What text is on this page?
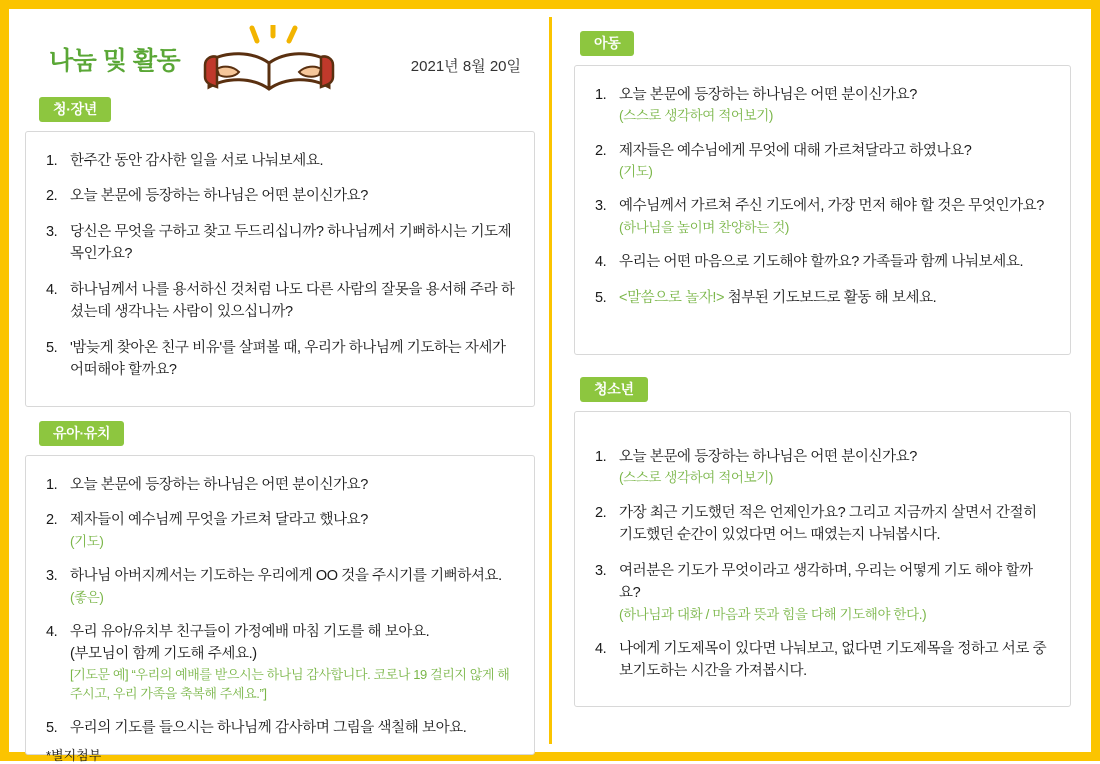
나눔 및 활동	2021년 8월 20일
청·장년
한주간 동안 감사한 일을 서로 나눠보세요.
오늘 본문에 등장하는 하나님은 어떤 분이신가요?
당신은 무엇을 구하고 찾고 두드리십니까? 하나님께서 기뻐하시는 기도제목인가요?
하나님께서 나를 용서하신 것처럼 나도 다른 사람의 잘못을 용서해 주라 하셨는데 생각나는 사람이 있으십니까?
'밤늦게 찾아온 친구 비유'를 살펴볼 때, 우리가 하나님께 기도하는 자세가 어떠해야 할까요?
유아·유치
오늘 본문에 등장하는 하나님은 어떤 분이신가요?
제자들이 예수님께 무엇을 가르쳐 달라고 했나요?
(기도)
하나님 아버지께서는 기도하는 우리에게 OO 것을 주시기를 기뻐하셔요.
(좋은)
우리 유아/유치부 친구들이 가정예배 마침 기도를 해 보아요.
(부모님이 함께 기도해 주세요.)
[기도문 예] “우리의 예배를 받으시는 하나님 감사합니다. 코로나 19 걸리지 않게 해 주시고, 우리 가족을 축복해 주세요.”]
우리의 기도를 들으시는 하나님께 감사하며 그림을 색칠해 보아요.
*별지첨부
아동
오늘 본문에 등장하는 하나님은 어떤 분이신가요?
(스스로 생각하여 적어보기)
제자들은 예수님에게 무엇에 대해 가르쳐달라고 하였나요?
(기도)
예수님께서 가르쳐 주신 기도에서, 가장 먼저 해야 할 것은 무엇인가요?
(하나님을 높이며 찬양하는 것)
우리는 어떤 마음으로 기도해야 할까요? 가족들과 함께 나눠보세요.
<말씀으로 놀자!> 첨부된 기도보드로 활동 해 보세요.
청소년
오늘 본문에 등장하는 하나님은 어떤 분이신가요?
(스스로 생각하여 적어보기)
가장 최근 기도했던 적은 언제인가요? 그리고 지금까지 살면서 간절히 기도했던 순간이 있었다면 어느 때였는지 나눠봅시다.
여러분은 기도가 무엇이라고 생각하며, 우리는 어떻게 기도 해야 할까요?
(하나님과 대화 / 마음과 뜻과 힘을 다해 기도해야 한다.)
나에게 기도제목이 있다면 나눠보고, 없다면 기도제목을 정하고 서로 중보기도하는 시간을 가져봅시다.
